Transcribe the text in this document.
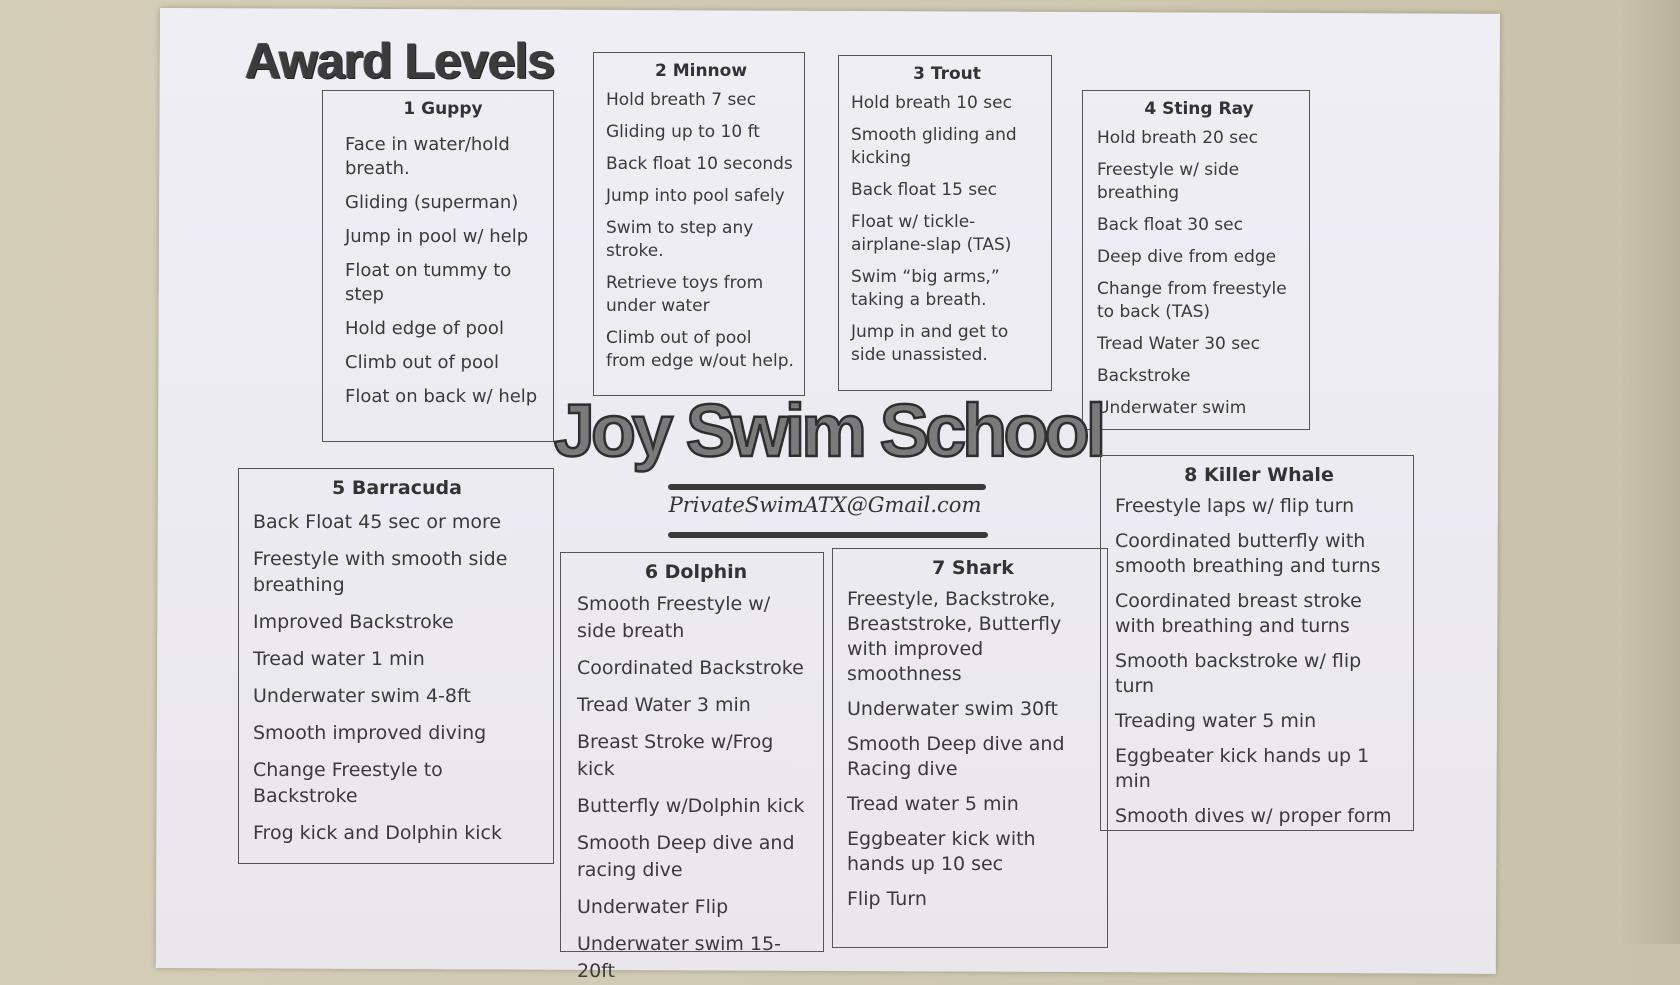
Award Levels
1 Guppy
Face in water/hold breath.
Gliding (superman)
Jump in pool w/ help
Float on tummy to step
Hold edge of pool
Climb out of pool
Float on back w/ help
2 Minnow
Hold breath 7 sec
Gliding up to 10 ft
Back float 10 seconds
Jump into pool safely
Swim to step any stroke.
Retrieve toys from under water
Climb out of pool from edge w/out help.
3 Trout
Hold breath 10 sec
Smooth gliding and kicking
Back float 15 sec
Float w/ tickle-airplane-slap (TAS)
Swim “big arms,” taking a breath.
Jump in and get to side unassisted.
4 Sting Ray
Hold breath 20 sec
Freestyle w/ side breathing
Back float 30 sec
Deep dive from edge
Change from freestyle to back (TAS)
Tread Water 30 sec
Backstroke
Underwater swim
Joy Swim School
PrivateSwimATX@Gmail.com
5 Barracuda
Back Float 45 sec or more
Freestyle with smooth side breathing
Improved Backstroke
Tread water 1 min
Underwater swim 4-8ft
Smooth improved diving
Change Freestyle to Backstroke
Frog kick and Dolphin kick
6 Dolphin
Smooth Freestyle w/ side breath
Coordinated Backstroke
Tread Water 3 min
Breast Stroke w/Frog kick
Butterfly w/Dolphin kick
Smooth Deep dive and racing dive
Underwater Flip
Underwater swim 15-20ft
7 Shark
Freestyle, Backstroke, Breaststroke, Butterfly with improved smoothness
Underwater swim 30ft
Smooth Deep dive and Racing dive
Tread water 5 min
Eggbeater kick with hands up 10 sec
Flip Turn
8 Killer Whale
Freestyle laps w/ flip turn
Coordinated butterfly with smooth breathing and turns
Coordinated breast stroke with breathing and turns
Smooth backstroke w/ flip turn
Treading water 5 min
Eggbeater kick hands up 1 min
Smooth dives w/ proper form
